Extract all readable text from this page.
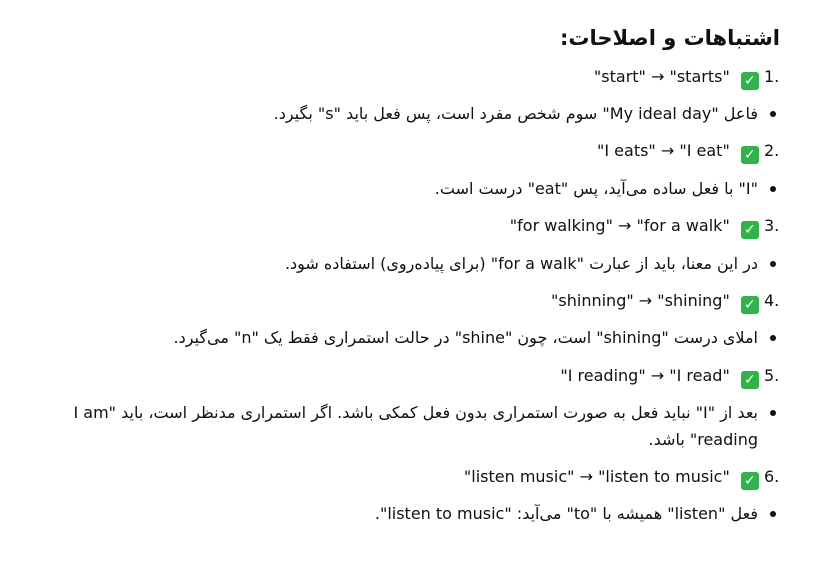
اشتباهات و اصلاحات:
1. ✓ "start" → "starts"
فاعل "My ideal day" سوم شخص مفرد است، پس فعل باید "s" بگیرد.
2. ✓ "I eats" → "I eat"
"I" با فعل ساده می‌آید، پس "eat" درست است.
3. ✓ "for walking" → "for a walk"
در این معنا، باید از عبارت "for a walk" (برای پیاده‌روی) استفاده شود.
4. ✓ "shinning" → "shining"
املای درست "shining" است، چون "shine" در حالت استمراری فقط یک "n" می‌گیرد.
5. ✓ "I reading" → "I read"
بعد از "I" نباید فعل به صورت استمراری بدون فعل کمکی باشد. اگر استمراری مدنظر است، باید "I am reading" باشد.
6. ✓ "listen music" → "listen to music"
فعل "listen" همیشه با "to" می‌آید: "listen to music".
